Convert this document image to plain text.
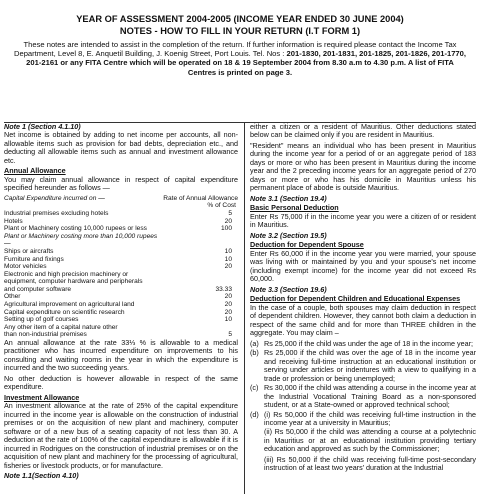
YEAR OF ASSESSMENT 2004-2005 (INCOME YEAR ENDED 30 JUNE 2004)
NOTES - HOW TO FILL IN YOUR RETURN (I.T FORM 1)
These notes are intended to assist in the completion of the return. If further information is required please contact the Income Tax Department, Level 8, E. Anquetil Building, J. Koenig Street, Port Louis. Tel. Nos : 201-1830, 201-1831, 201-1825, 201-1826, 201-1770, 201-2161 or any FITA Centre which will be operated on 18 & 19 September 2004 from 8.30 a.m to 4.30 p.m. A list of FITA Centres is printed on page 3.

Note 1 (Section 4.1.10)

Net income is obtained by adding to net income per accounts, all non-allowable items such as provision for bad debts, depreciation etc., and deducting all allowable items such as annual and investment allowance etc.

Annual Allowance

You may claim annual allowance in respect of capital expenditure specified hereunder as follows —

Capital Expenditure incurred on —	Rate of Annual Allowance
	% of Cost
Industrial premises excluding hotels	5
Hotels	20
Plant or Machinery costing 10,000 rupees or less	100
Plant or Machinery costing more than 10,000 rupees —	
Ships or aircrafts	10
Furniture and fixings	10
Motor vehicles	20
Electronic and high precision machinery or	
equipment, computer hardware and peripherals	
and computer software	33.33
Other	20
Agricultural improvement on agricultural land	20
Capital expenditure on scientific research	20
Setting up of golf courses	10
Any other item of a capital nature other	
than non-industrial premises	5

An annual allowance at the rate 33⅓ % is allowable to a medical practitioner who has incurred expenditure on improvements to his consulting and waiting rooms in the year in which the expenditure is incurred and the two succeeding years.

No other deduction is however allowable in respect of the same expenditure.

Investment Allowance

An investment allowance at the rate of 25% of the capital expenditure incurred in the income year is allowable on the construction of industrial premises or on the acquisition of new plant and machinery, computer software or of a new bus of a seating capacity of not less than 30. A deduction at the rate of 100% of the capital expenditure is allowable if it is incurred in Rodrigues on the construction of industrial premises or on the acquisition of new plant and machinery for the processing of agricultural, fisheries or livestock products, or for manufacture.

Note 1.1(Section 4.10)

either a citizen or a resident of Mauritius. Other deductions stated below can be claimed only if you are resident in Mauritius.

"Resident" means an individual who has been present in Mauritius during the income year for a period of or an aggregate period of 183 days or more or who has been present in Mauritius during the income year and the 2 preceding income years for an aggregate period of 270 days or more or who has his domicile in Mauritius unless his permanent place of abode is outside Mauritius.

Note 3.1 (Section 19.4)

Basic Personal Deduction

Enter Rs 75,000 if in the income year you were a citizen of or resident in Mauritius.

Note 3.2 (Section 19.5)

Deduction for Dependent Spouse

Enter Rs 60,000 if in the income year you were married, your spouse was living with or maintained by you and your spouse's net income (including exempt income) for the income year did not exceed Rs 60,000.

Note 3.3 (Section 19.6)

Deduction for Dependent Children and Educational Expenses

In the case of a couple, both spouses may claim deduction in respect of dependent children. However, they cannot both claim a deduction in respect of the same child and for more than THREE children in the aggregate. You may claim –

(a) Rs 25,000 if the child was under the age of 18 in the income year;
(b) Rs 25,000 if the child was over the age of 18 in the income year and receiving full-time instruction at an educational institution or serving under articles or indentures with a view to qualifying in a trade or profession or being unemployed;
(c) Rs 30,000 if the child was attending a course in the income year at the Industrial Vocational Training Board as a non-sponsored student, or at a State-owned or approved technical school;
(d) (i) Rs 50,000 if the child was receiving full-time instruction in the income year at a university in Mauritius;

(ii) Rs 50,000 if the child was attending a course at a polytechnic in Mauritius or at an educational institution providing tertiary education and approved as such by the Commissioner;

(iii) Rs 50,000 if the child was receiving full-time post-secondary instruction of at least two years' duration at the Industrial
